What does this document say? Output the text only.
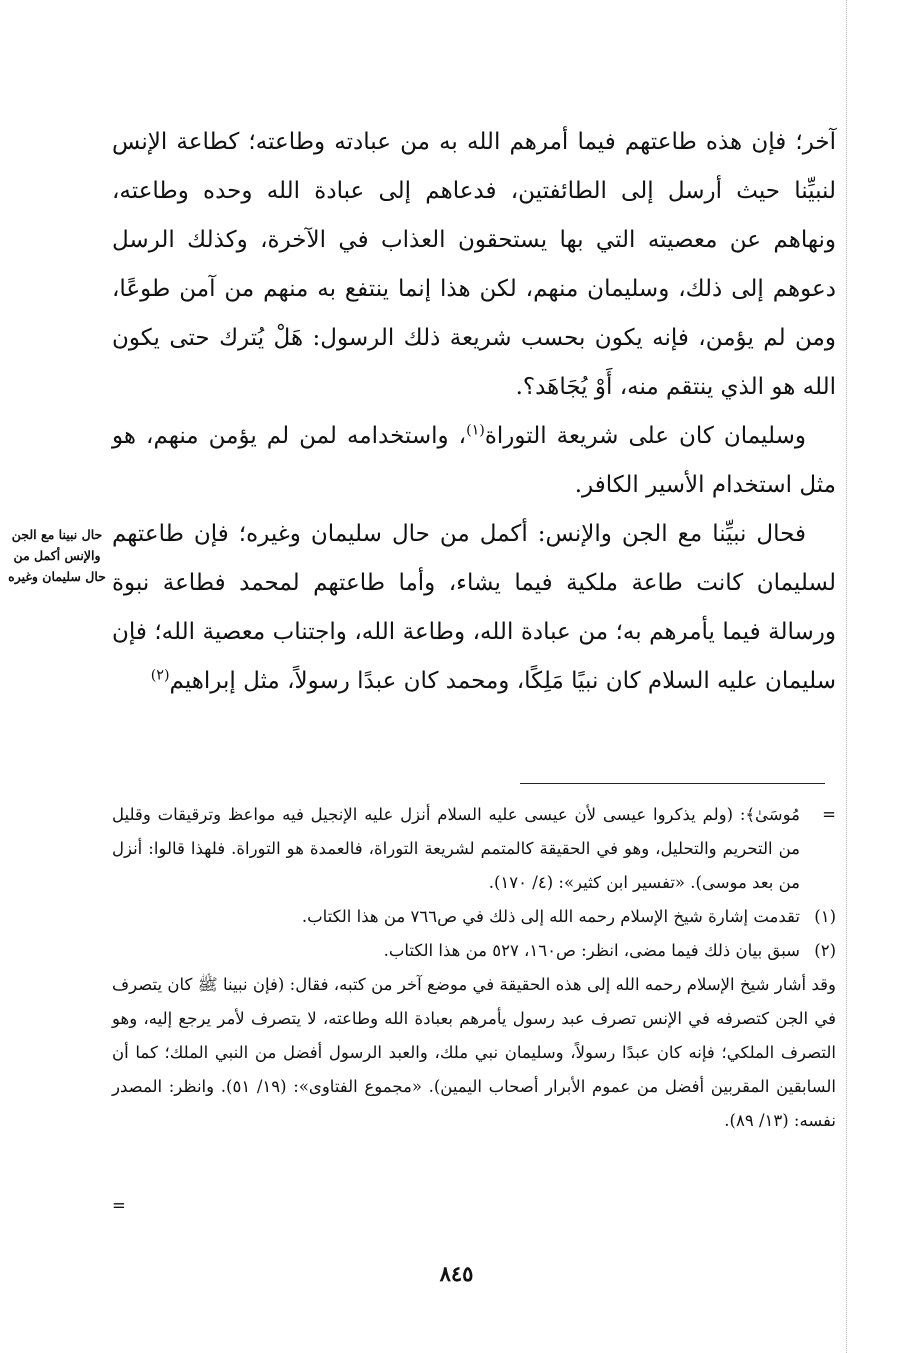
آخر؛ فإن هذه طاعتهم فيما أمرهم الله به من عبادته وطاعته؛ كطاعة الإنس لنبيِّنا حيث أرسل إلى الطائفتين، فدعاهم إلى عبادة الله وحده وطاعته، ونهاهم عن معصيته التي بها يستحقون العذاب في الآخرة، وكذلك الرسل دعوهم إلى ذلك، وسليمان منهم، لكن هذا إنما ينتفع به منهم من آمن طوعًا، ومن لم يؤمن، فإنه يكون بحسب شريعة ذلك الرسول: هَلْ يُترك حتى يكون الله هو الذي ينتقم منه، أَوْ يُجَاهَد؟.

وسليمان كان على شريعة التوراة$^{(١)}$، واستخدامه لمن لم يؤمن منهم، هو مثل استخدام الأسير الكافر.

فحال نبيِّنا مع الجن والإنس: أكمل من حال سليمان وغيره؛ فإن طاعتهم لسليمان كانت طاعة ملكية فيما يشاء، وأما طاعتهم لمحمد فطاعة نبوة ورسالة فيما يأمرهم به؛ من عبادة الله، وطاعة الله، واجتناب معصية الله؛ فإن سليمان عليه السلام كان نبيًا مَلِكًا، ومحمد كان عبدًا رسولاً، مثل إبراهيم$^{(٢)}$

حال نبينا مع الجن
والإنس أكمل من
حال سليمان وغيره

=
مُوسَىٰ﴾: (ولم يذكروا عيسى لأن عيسى عليه السلام أنزل عليه الإنجيل فيه مواعظ وترقيقات وقليل من التحريم والتحليل، وهو في الحقيقة كالمتمم لشريعة التوراة، فالعمدة هو التوراة. فلهذا قالوا: أنزل من بعد موسى). «تفسير ابن كثير»: (٤/ ١٧٠).

(١)
تقدمت إشارة شيخ الإسلام رحمه الله إلى ذلك في ص٧٦٦ من هذا الكتاب.

(٢)
سبق بيان ذلك فيما مضى، انظر: ص١٦٠، ٥٢٧ من هذا الكتاب.

وقد أشار شيخ الإسلام رحمه الله إلى هذه الحقيقة في موضع آخر من كتبه، فقال: (فإن نبينا ﷺ كان يتصرف في الجن كتصرفه في الإنس تصرف عبد رسول يأمرهم بعبادة الله وطاعته، لا يتصرف لأمر يرجع إليه، وهو التصرف الملكي؛ فإنه كان عبدًا رسولاً، وسليمان نبي ملك، والعبد الرسول أفضل من النبي الملك؛ كما أن السابقين المقربين أفضل من عموم الأبرار أصحاب اليمين). «مجموع الفتاوى»: (١٩/ ٥١). وانظر: المصدر نفسه: (١٣/ ٨٩).

=
٨٤٥
